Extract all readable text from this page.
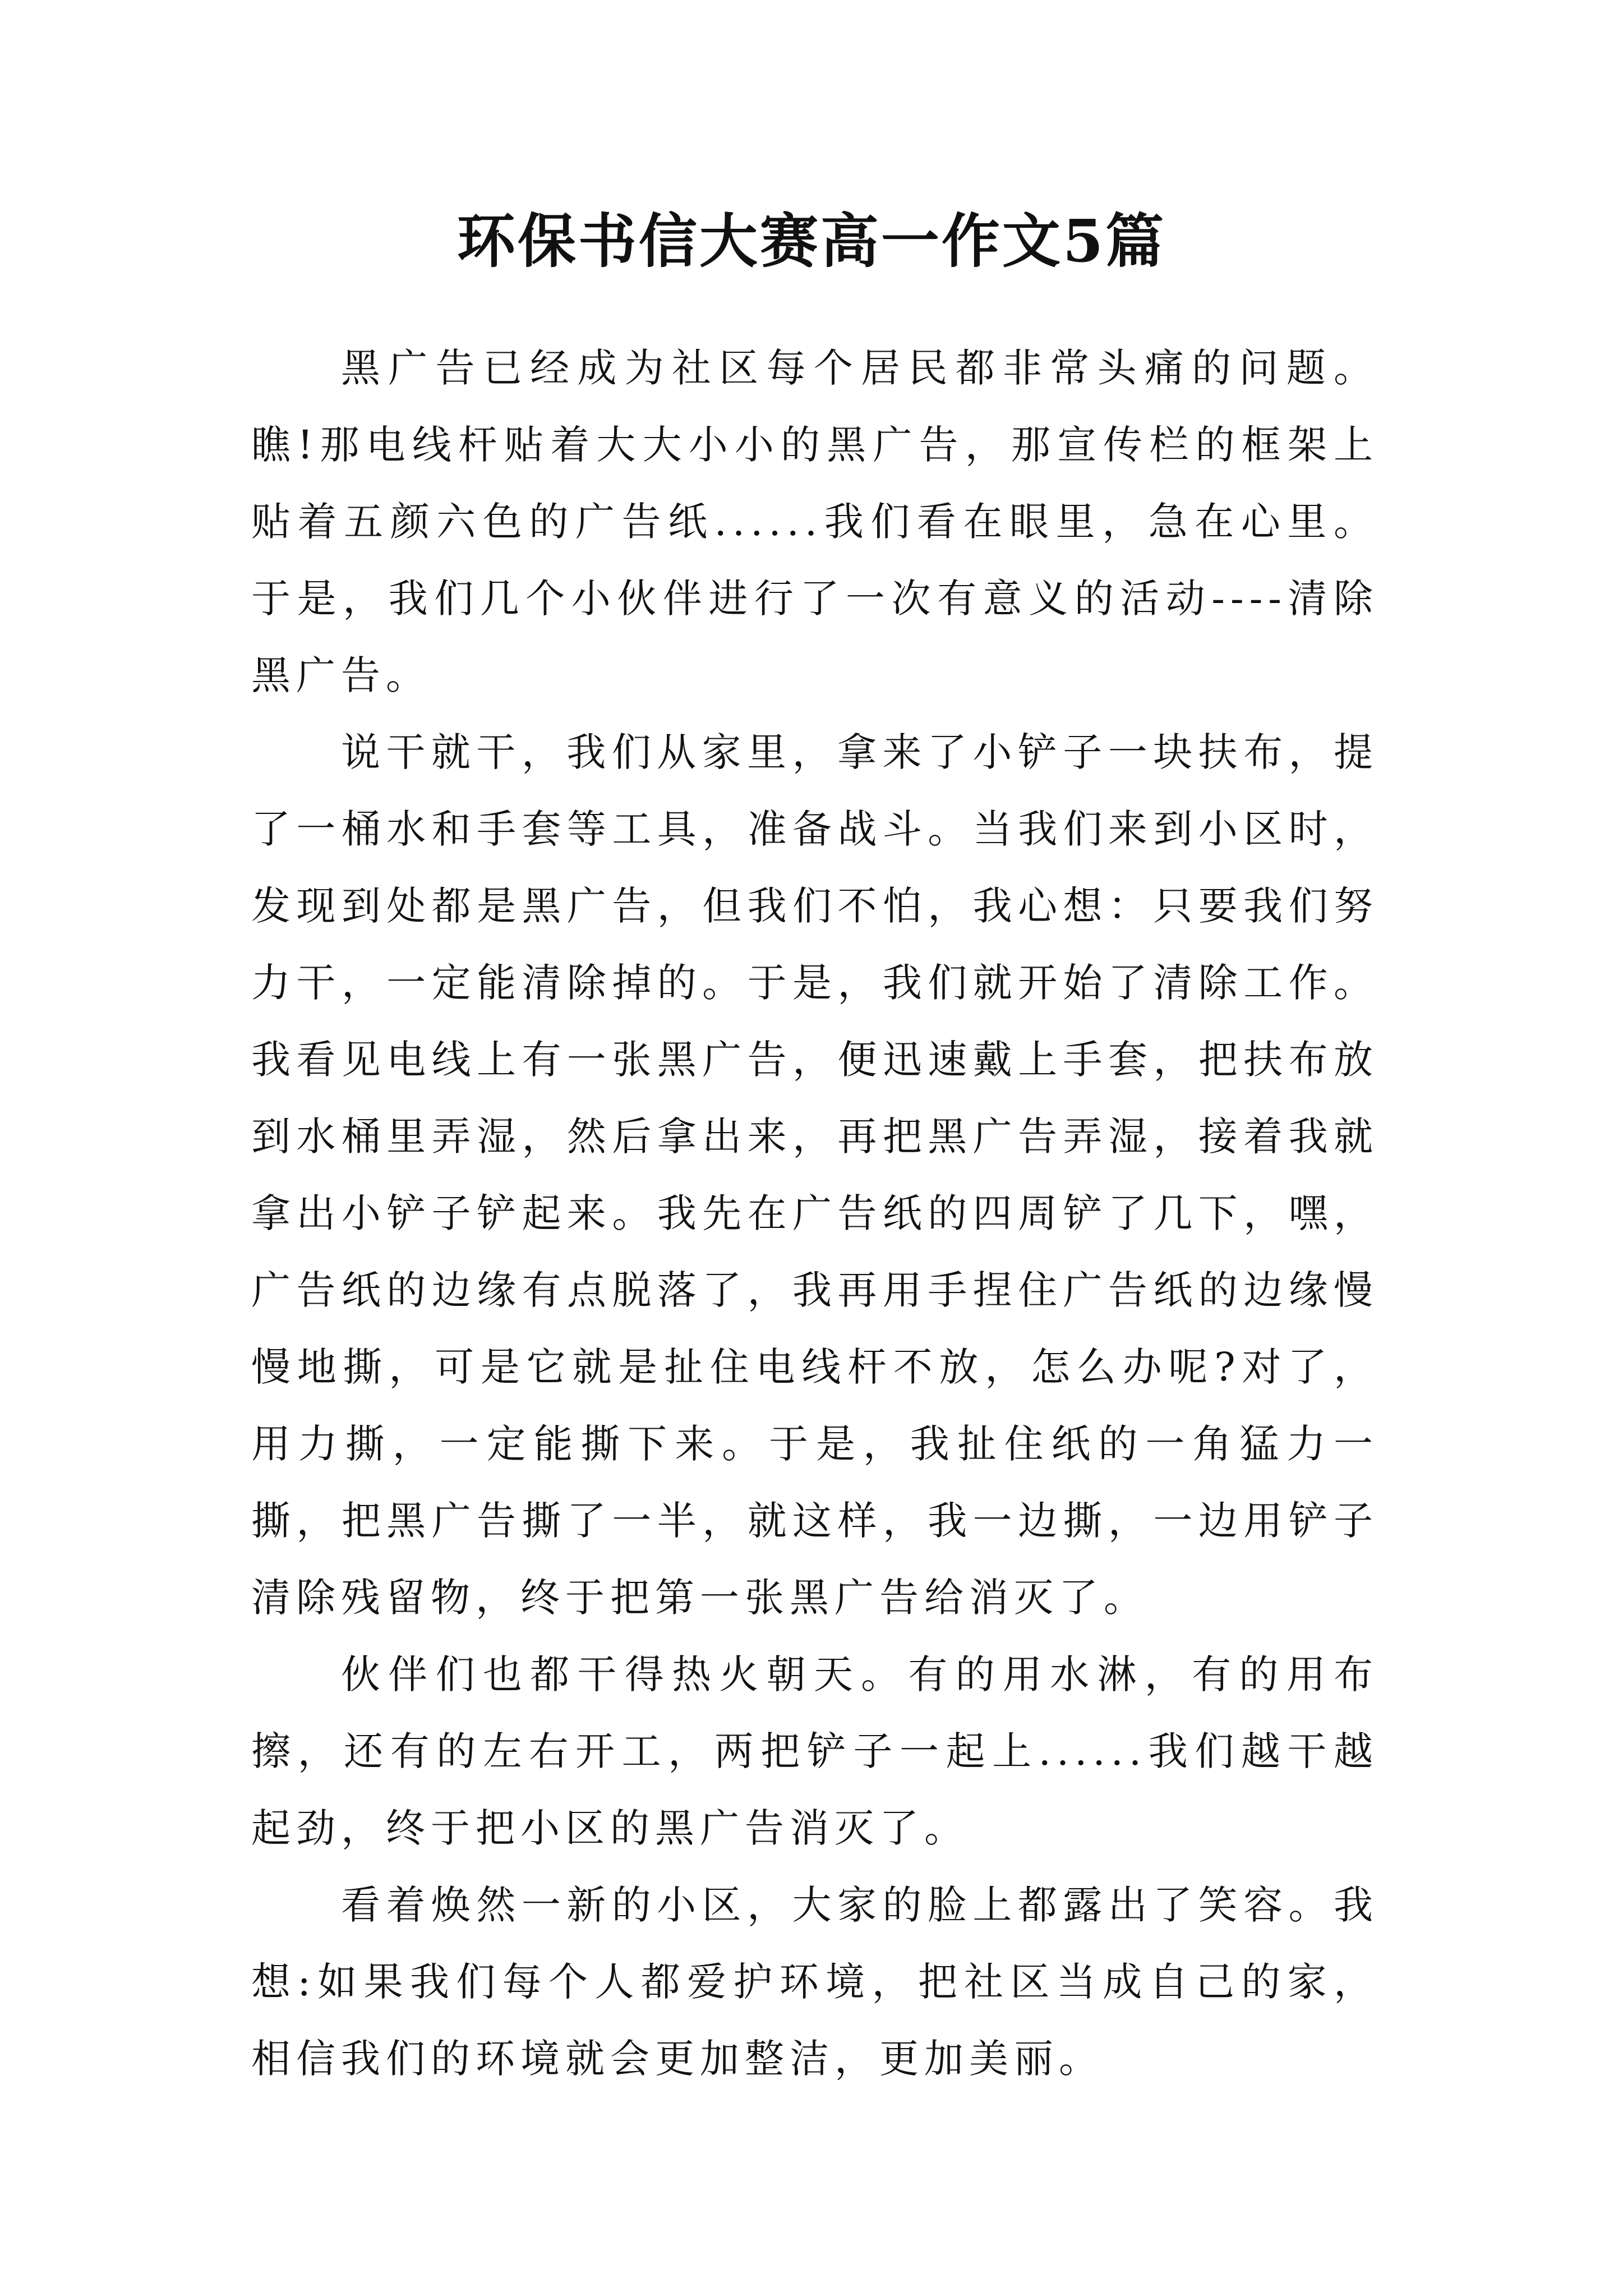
环保书信大赛高一作文5篇

黑广告已经成为社区每个居民都非常头痛的问题。瞧!那电线杆贴着大大小小的黑广告，那宣传栏的框架上贴着五颜六色的广告纸......我们看在眼里，急在心里。于是，我们几个小伙伴进行了一次有意义的活动----清除黑广告。

说干就干，我们从家里，拿来了小铲子一块扶布，提了一桶水和手套等工具，准备战斗。当我们来到小区时，发现到处都是黑广告，但我们不怕，我心想：只要我们努力干，一定能清除掉的。于是，我们就开始了清除工作。我看见电线上有一张黑广告，便迅速戴上手套，把扶布放到水桶里弄湿，然后拿出来，再把黑广告弄湿，接着我就拿出小铲子铲起来。我先在广告纸的四周铲了几下，嘿，广告纸的边缘有点脱落了，我再用手捏住广告纸的边缘慢慢地撕，可是它就是扯住电线杆不放，怎么办呢?对了，用力撕，一定能撕下来。于是，我扯住纸的一角猛力一撕，把黑广告撕了一半，就这样，我一边撕，一边用铲子清除残留物，终于把第一张黑广告给消灭了。

伙伴们也都干得热火朝天。有的用水淋，有的用布擦，还有的左右开工，两把铲子一起上......我们越干越起劲，终于把小区的黑广告消灭了。

看着焕然一新的小区，大家的脸上都露出了笑容。我想:如果我们每个人都爱护环境，把社区当成自己的家，相信我们的环境就会更加整洁，更加美丽。
